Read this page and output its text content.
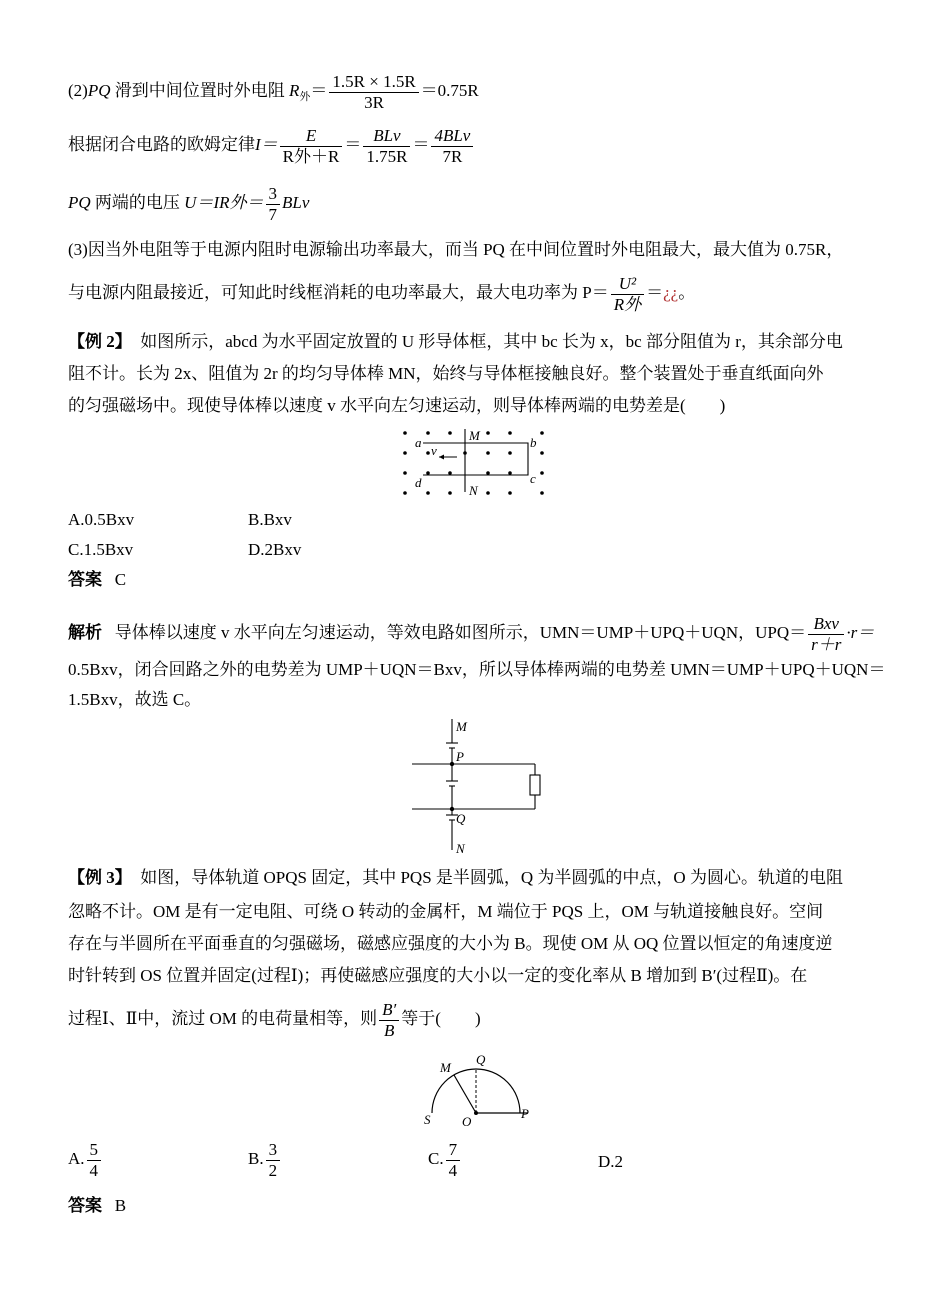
(2)PQ 滑到中间位置时外电阻 $R_外= \frac{1.5R \times 1.5R}{3R} =0.75R$
根据闭合电路的欧姆定律$I= \frac{E}{\text{R外＋R}} = \frac{\text{BLv}}{1.75R} = \frac{\text{4BLv}}{7R}$
PQ 两端的电压 U＝IR外＝ $\frac{3}{7}$ BLv
(3)因当外电阻等于电源内阻时电源输出功率最大，而当 PQ 在中间位置时外电阻最大，最大值为 0.75R，
与电源内阻最接近，可知此时线框消耗的电功率最大，最大电功率为 $P= \frac{\text{U²}}{\text{R外}}$ ＝¿¿。
【例 2】 如图所示，abcd 为水平固定放置的 U 形导体框，其中 bc 长为 x，bc 部分阻值为 r，其余部分电
阻不计。长为 2x、阻值为 2r 的均匀导体棒 MN，始终与导体框接触良好。整个装置处于垂直纸面向外
的匀强磁场中。现使导体棒以速度 v 水平向左匀速运动，则导体棒两端的电势差是(　　)
a	M	b
c
d
N
v
A.0.5Bxv	B.Bxv
C.1.5Bxv	D.2Bxv
答案 C
解析 导体棒以速度 v 水平向左匀速运动，等效电路如图所示，UMN＝UMP＋UPQ＋UQN，$UPQ= \frac{\text{Bxv}}{r+r} \cdot r=$
0.5Bxv，闭合回路之外的电势差为 UMP＋UQN＝Bxv，所以导体棒两端的电势差 UMN＝UMP＋UPQ＋UQN＝
1.5Bxv，故选 C。
M
P
Q
N
【例 3】 如图，导体轨道 OPQS 固定，其中 PQS 是半圆弧，Q 为半圆弧的中点，O 为圆心。轨道的电阻
忽略不计。OM 是有一定电阻、可绕 O 转动的金属杆，M 端位于 PQS 上，OM 与轨道接触良好。空间
存在与半圆所在平面垂直的匀强磁场，磁感应强度的大小为 B。现使 OM 从 OQ 位置以恒定的角速度逆
时针转到 OS 位置并固定(过程Ⅰ)；再使磁感应强度的大小以一定的变化率从 B 增加到 B′(过程Ⅱ)。在
过程Ⅰ、Ⅱ中，流过 OM 的电荷量相等，则 $\frac{B'}{B}$ 等于(　　)
M
Q
S O
P
A. $\frac{5}{4}$	B. $\frac{3}{2}$	C. $\frac{7}{4}$	D.2
答案 B
